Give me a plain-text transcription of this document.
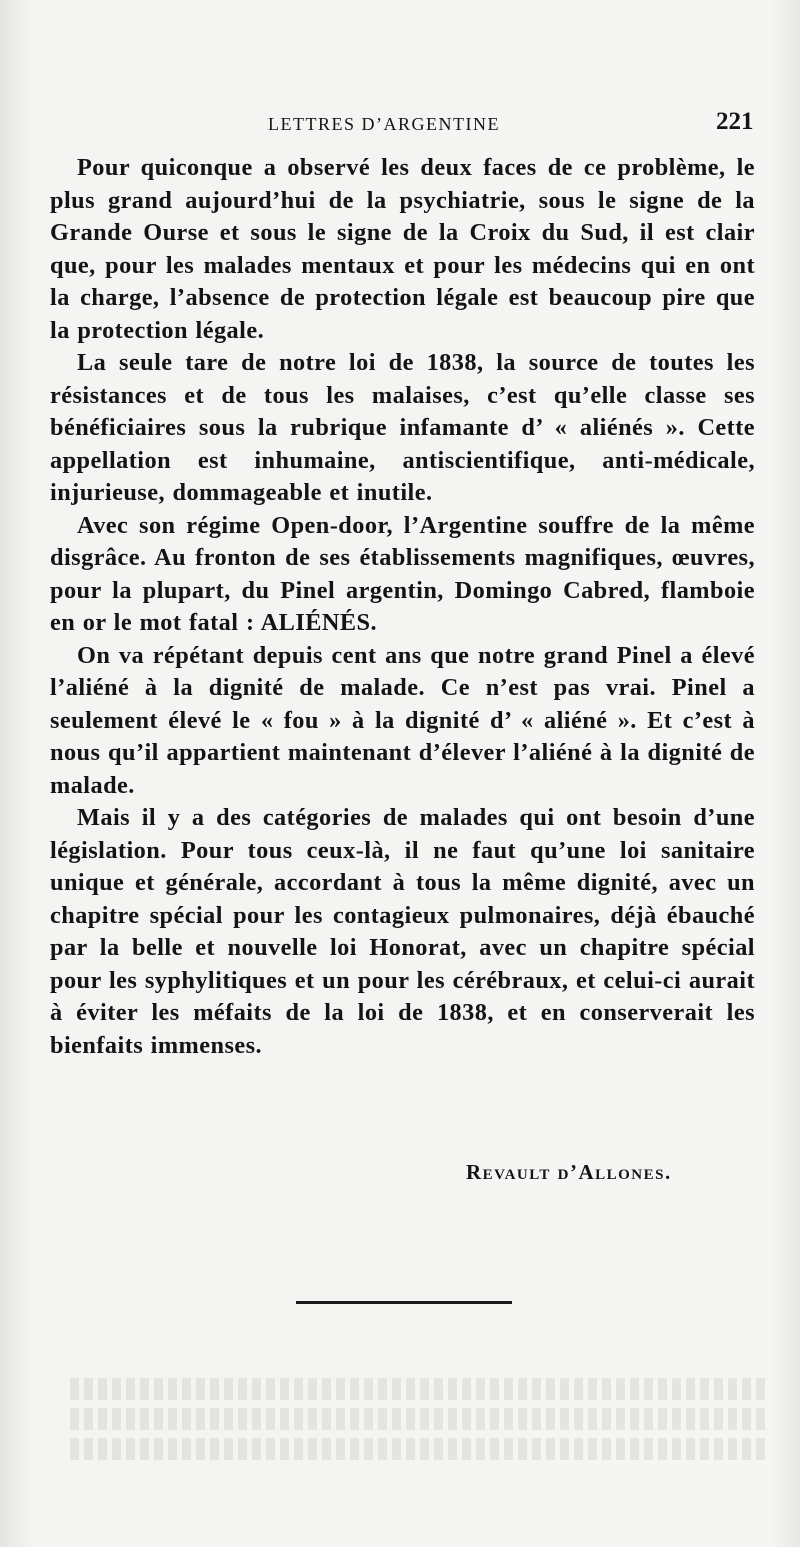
LETTRES D’ARGENTINE	221

Pour quiconque a observé les deux faces de ce problème, le plus grand aujourd’hui de la psychiatrie, sous le signe de la Grande Ourse et sous le signe de la Croix du Sud, il est clair que, pour les malades mentaux et pour les médecins qui en ont la charge, l’absence de protection légale est beaucoup pire que la protection légale.

La seule tare de notre loi de 1838, la source de toutes les résistances et de tous les malaises, c’est qu’elle classe ses bénéficiaires sous la rubrique infamante d’ « aliénés ». Cette appellation est inhumaine, antiscientifique, anti-médicale, injurieuse, dommageable et inutile.

Avec son régime Open-door, l’Argentine souffre de la même disgrâce. Au fronton de ses établissements magnifiques, œuvres, pour la plupart, du Pinel argentin, Domingo Cabred, flamboie en or le mot fatal : ALIÉNÉS.

On va répétant depuis cent ans que notre grand Pinel a élevé l’aliéné à la dignité de malade. Ce n’est pas vrai. Pinel a seulement élevé le « fou » à la dignité d’ « aliéné ». Et c’est à nous qu’il appartient maintenant d’élever l’aliéné à la dignité de malade.

Mais il y a des catégories de malades qui ont besoin d’une législation. Pour tous ceux-là, il ne faut qu’une loi sanitaire unique et générale, accordant à tous la même dignité, avec un chapitre spécial pour les contagieux pulmonaires, déjà ébauché par la belle et nouvelle loi Honorat, avec un chapitre spécial pour les syphylitiques et un pour les cérébraux, et celui-ci aurait à éviter les méfaits de la loi de 1838, et en conserverait les bienfaits immenses.

Revault d’Allones.
